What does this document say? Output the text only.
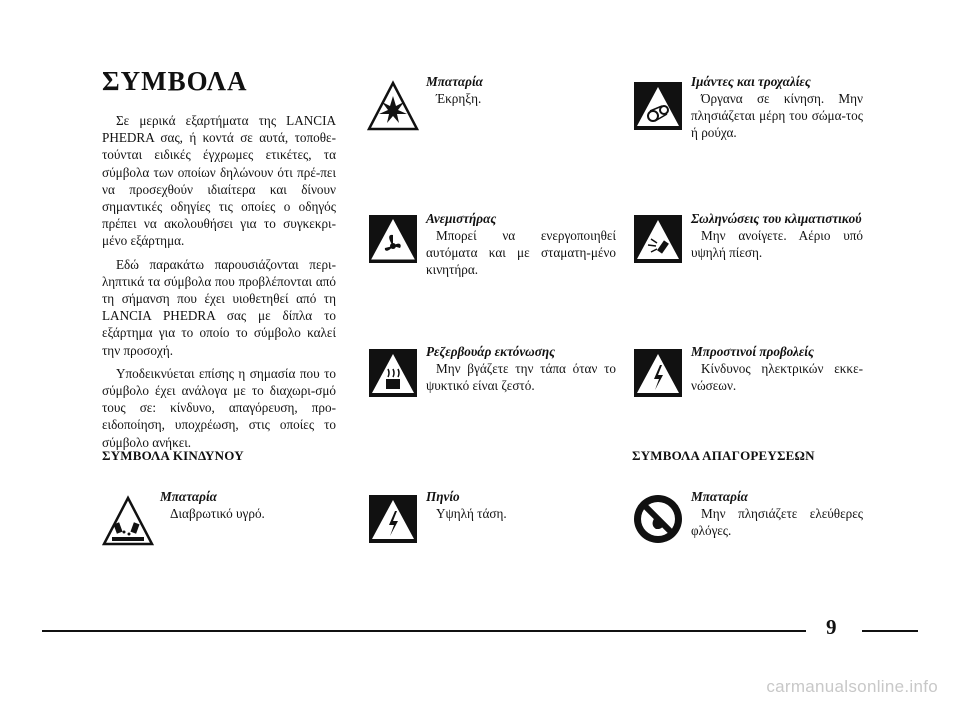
ΣΥΜΒΟΛΑ

Σε μερικά εξαρτήματα της LANCIA PHEDRA σας, ή κοντά σε αυτά, τοποθε-τούνται ειδικές έγχρωμες ετικέτες, τα σύμβολα των οποίων δηλώνουν ότι πρέ-πει να προσεχθούν ιδιαίτερα και δίνουν σημαντικές οδηγίες τις οποίες ο οδηγός πρέπει να ακολουθήσει για το συγκεκρι-μένο εξάρτημα.

Εδώ παρακάτω παρουσιάζονται περι-ληπτικά τα σύμβολα που προβλέπονται από τη σήμανση που έχει υιοθετηθεί από τη LANCIA PHEDRA σας με δίπλα το εξάρτημα για το οποίο το σύμβολο καλεί την προσοχή.

Υποδεικνύεται επίσης η σημασία που το σύμβολο έχει ανάλογα με το διαχωρι-σμό τους σε: κίνδυνο, απαγόρευση, προ-ειδοποίηση, υποχρέωση, στις οποίες το σύμβολο ανήκει.

ΣΥΜΒΟΛΑ ΚΙΝΔΥΝΟΥ	ΣΥΜΒΟΛΑ ΑΠΑΓΟΡΕΥΣΕΩΝ
Μπαταρία
Διαβρωτικό υγρό.
Μπαταρία
Έκρηξη.
Ανεμιστήρας
Μπορεί να ενεργοποιηθεί αυτόματα και με σταματη-μένο κινητήρα.
Ρεζερβουάρ εκτόνωσης
Μην βγάζετε την τάπα όταν το ψυκτικό είναι ζεστό.
Πηνίο
Υψηλή τάση.
Ιμάντες και τροχαλίες
Όργανα σε κίνηση. Μην πλησιάζεται μέρη του σώμα-τος ή ρούχα.
Σωληνώσεις του κλιματιστικού
Μην ανοίγετε. Αέριο υπό υψηλή πίεση.
Μπροστινοί προβολείς
Κίνδυνος ηλεκτρικών εκκε-νώσεων.
Μπαταρία
Μην πλησιάζετε ελεύθερες φλόγες.
9
carmanualsonline.info
